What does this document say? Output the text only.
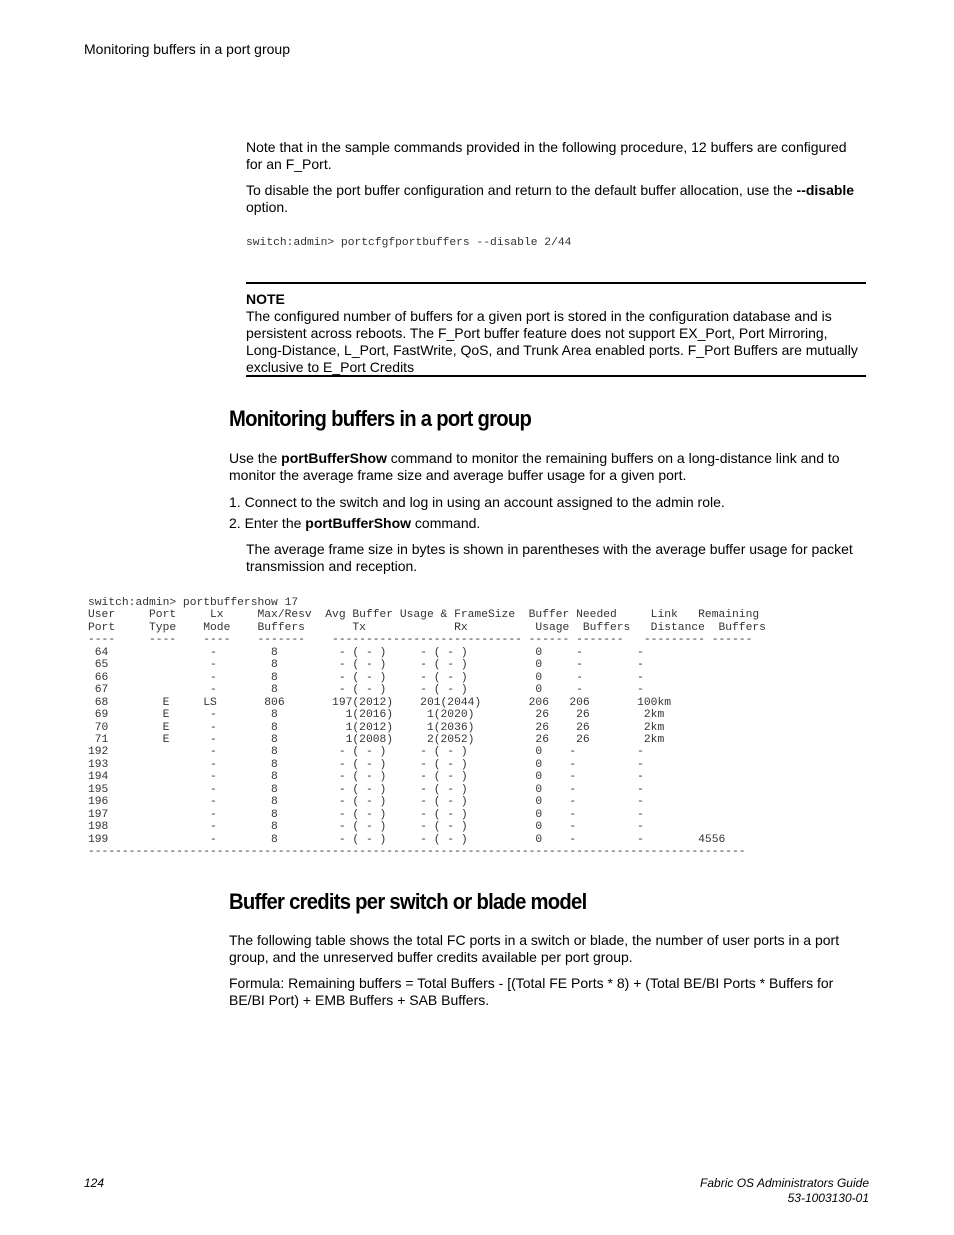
Monitoring buffers in a port group
Note that in the sample commands provided in the following procedure, 12 buffers are configured for an F_Port.
To disable the port buffer configuration and return to the default buffer allocation, use the --disable option.
switch:admin> portcfgfportbuffers --disable 2/44
NOTE
The configured number of buffers for a given port is stored in the configuration database and is persistent across reboots. The F_Port buffer feature does not support EX_Port, Port Mirroring, Long-Distance, L_Port, FastWrite, QoS, and Trunk Area enabled ports. F_Port Buffers are mutually exclusive to E_Port Credits
Monitoring buffers in a port group
Use the portBufferShow command to monitor the remaining buffers on a long-distance link and to monitor the average frame size and average buffer usage for a given port.
1. Connect to the switch and log in using an account assigned to the admin role.
2. Enter the portBufferShow command.
The average frame size in bytes is shown in parentheses with the average buffer usage for packet transmission and reception.
switch:admin> portbuffershow 17
User     Port     Lx     Max/Resv  Avg Buffer Usage & FrameSize  Buffer Needed     Link   Remaining
Port     Type    Mode    Buffers       Tx             Rx          Usage  Buffers   Distance  Buffers
----     ----    ----    -------    ---------------------------- ------ -------   --------- ------
64               -        8         - ( - )     - ( - )          0     -        -
65               -        8         - ( - )     - ( - )          0     -        -
66               -        8         - ( - )     - ( - )          0     -        -
67               -        8         - ( - )     - ( - )          0     -        -
68        E     LS       806       197(2012)    201(2044)       206   206       100km
69        E      -        8          1(2016)     1(2020)         26    26        2km
70        E      -        8          1(2012)     1(2036)         26    26        2km
71        E      -        8          1(2008)     2(2052)         26    26        2km
192               -        8         - ( - )     - ( - )          0    -         -
193               -        8         - ( - )     - ( - )          0    -         -
194               -        8         - ( - )     - ( - )          0    -         -
195               -        8         - ( - )     - ( - )          0    -         -
196               -        8         - ( - )     - ( - )          0    -         -
197               -        8         - ( - )     - ( - )          0    -         -
198               -        8         - ( - )     - ( - )          0    -         -
199               -        8         - ( - )     - ( - )          0    -         -        4556
-------------------------------------------------------------------------------------------------
Buffer credits per switch or blade model
The following table shows the total FC ports in a switch or blade, the number of user ports in a port group, and the unreserved buffer credits available per port group.
Formula: Remaining buffers = Total Buffers - [(Total FE Ports * 8) + (Total BE/BI Ports * Buffers for BE/BI Port) + EMB Buffers + SAB Buffers.
124	Fabric OS Administrators Guide
53-1003130-01
